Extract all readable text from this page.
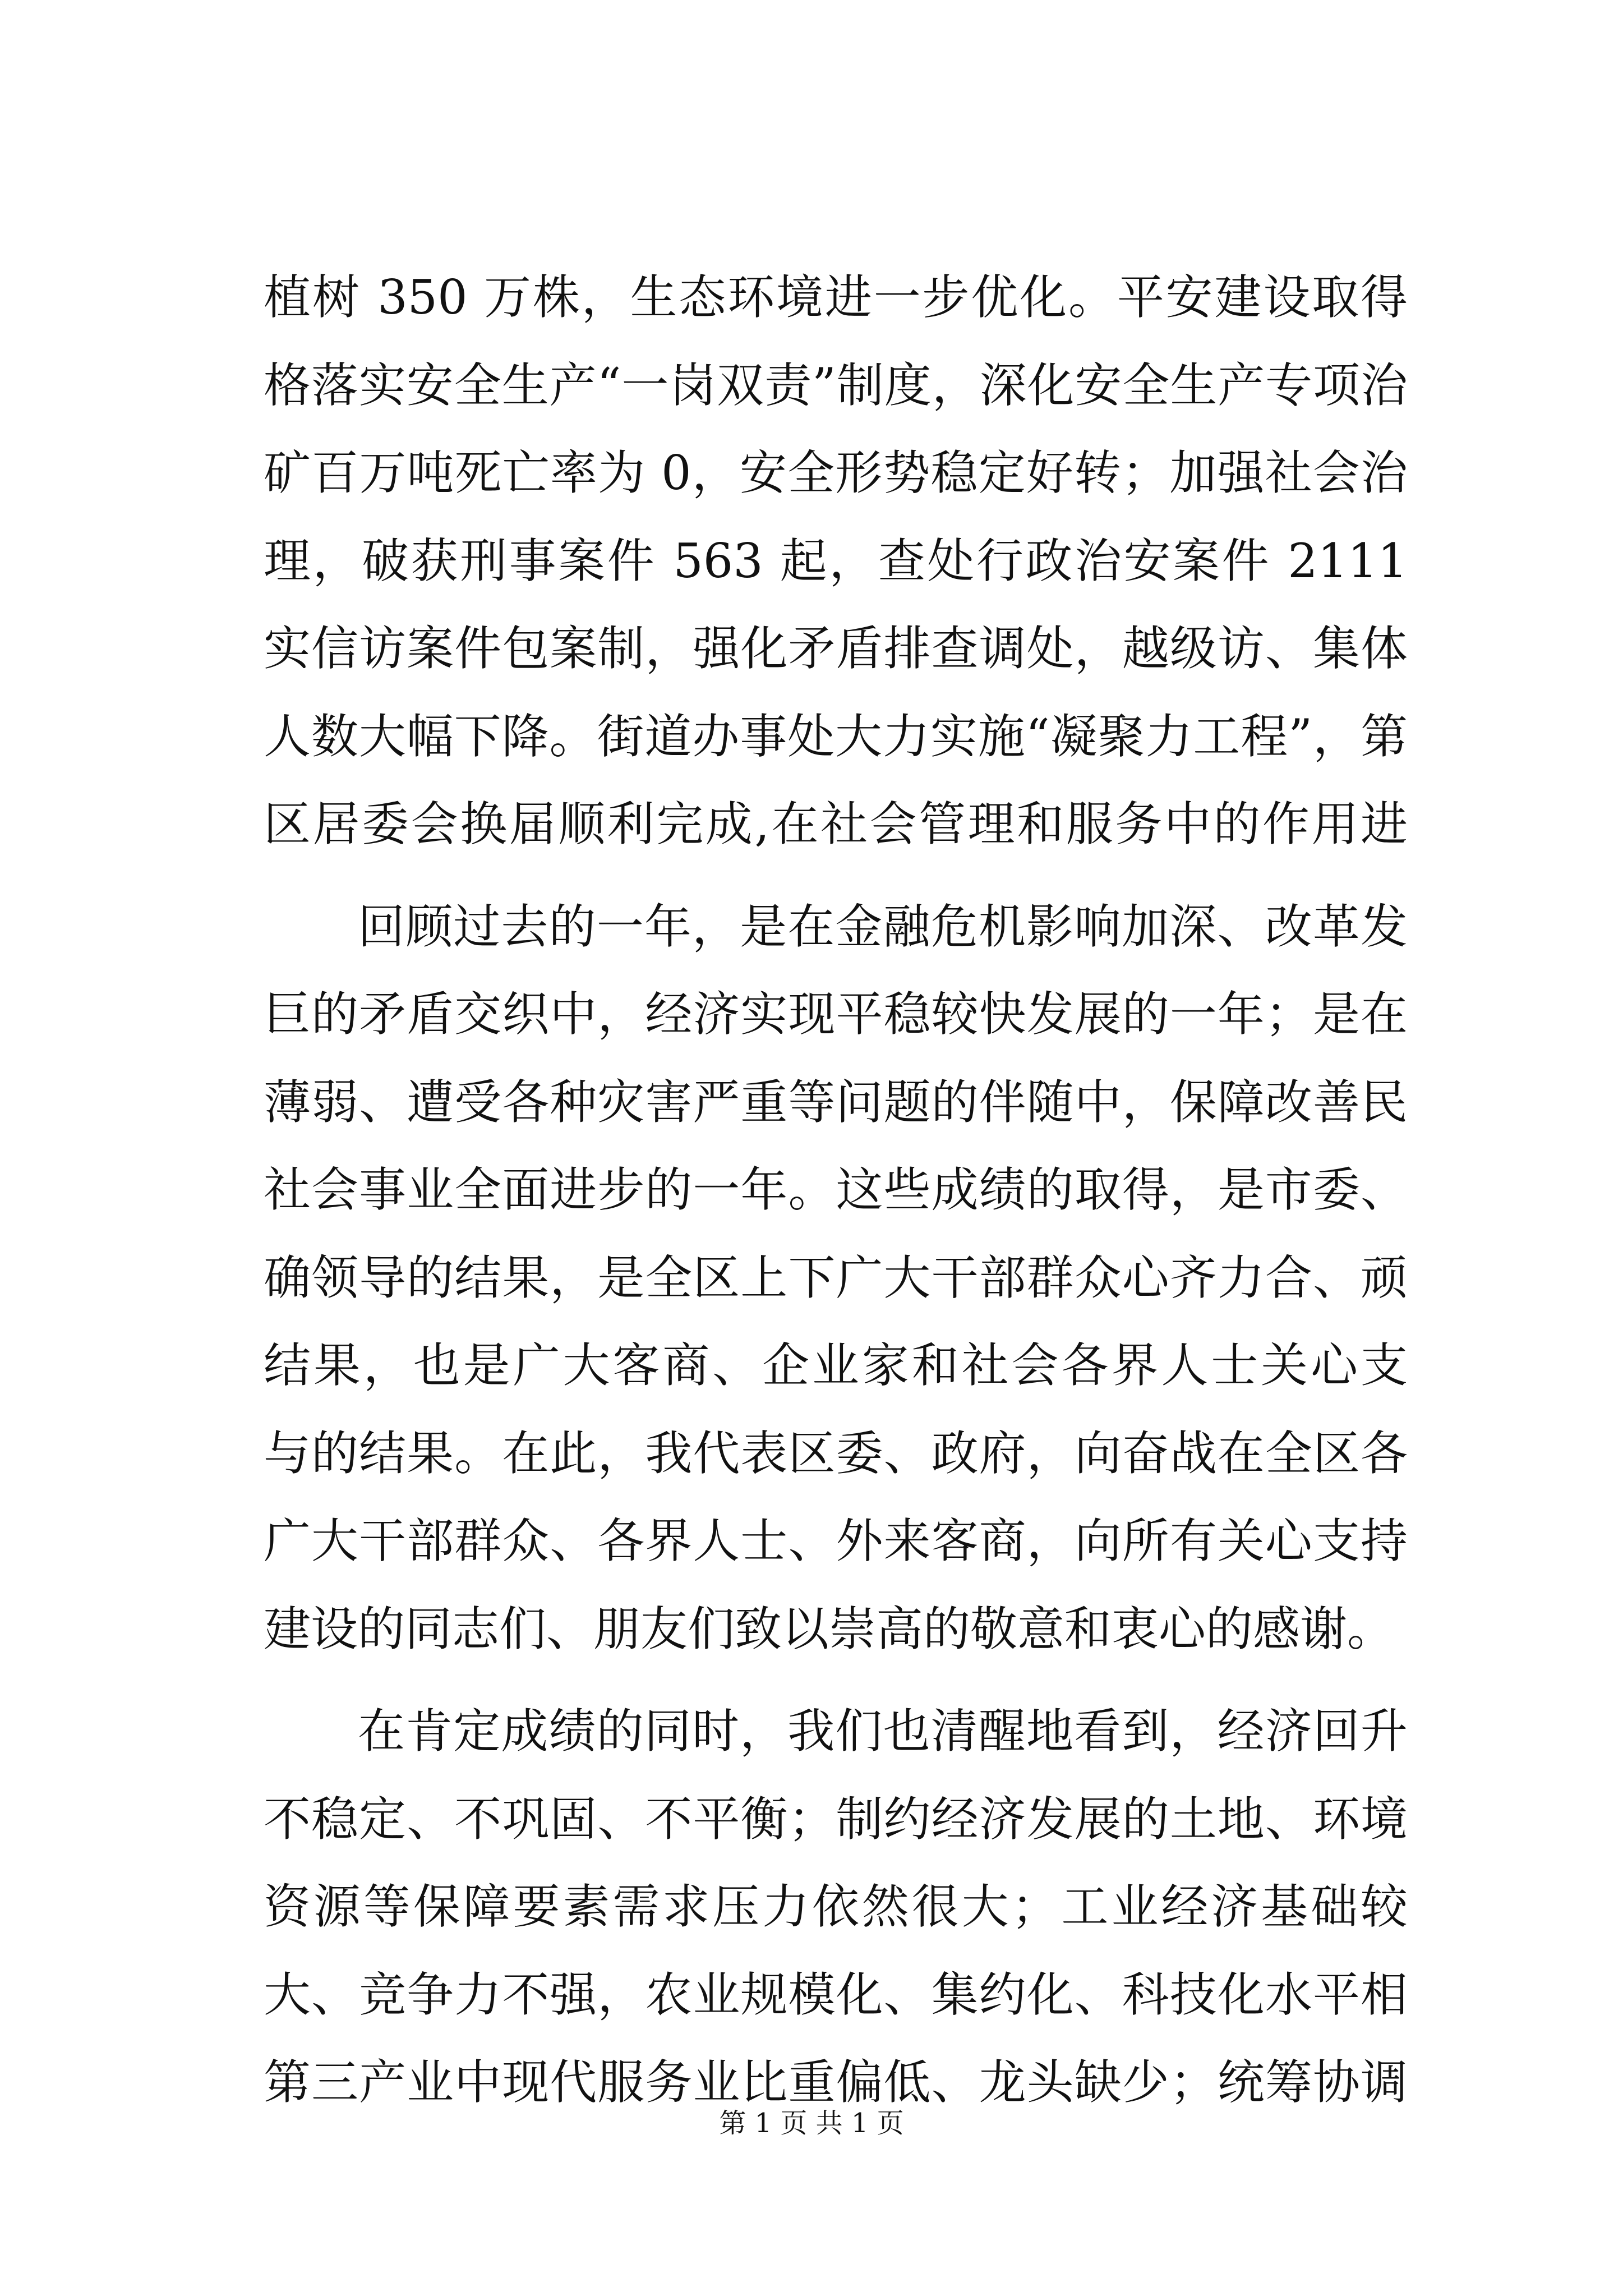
植树 350 万株，生态环境进一步优化。平安建设取得
格落实安全生产“一岗双责”制度，深化安全生产专项治
矿百万吨死亡率为 0，安全形势稳定好转；加强社会治
理，破获刑事案件 563 起，查处行政治安案件 2111
实信访案件包案制，强化矛盾排查调处，越级访、集体
人数大幅下降。街道办事处大力实施“凝聚力工程”，第
区居委会换届顺利完成,在社会管理和服务中的作用进
回顾过去的一年，是在金融危机影响加深、改革发
巨的矛盾交织中，经济实现平稳较快发展的一年；是在
薄弱、遭受各种灾害严重等问题的伴随中，保障改善民
社会事业全面进步的一年。这些成绩的取得，是市委、
确领导的结果，是全区上下广大干部群众心齐力合、顽
结果，也是广大客商、企业家和社会各界人士关心支
与的结果。在此，我代表区委、政府，向奋战在全区各
广大干部群众、各界人士、外来客商，向所有关心支持
建设的同志们、朋友们致以崇高的敬意和衷心的感谢。
在肯定成绩的同时，我们也清醒地看到，经济回升
不稳定、不巩固、不平衡；制约经济发展的土地、环境
资源等保障要素需求压力依然很大；工业经济基础较
大、竞争力不强，农业规模化、集约化、科技化水平相
第三产业中现代服务业比重偏低、龙头缺少；统筹协调
第 1 页 共 1 页
